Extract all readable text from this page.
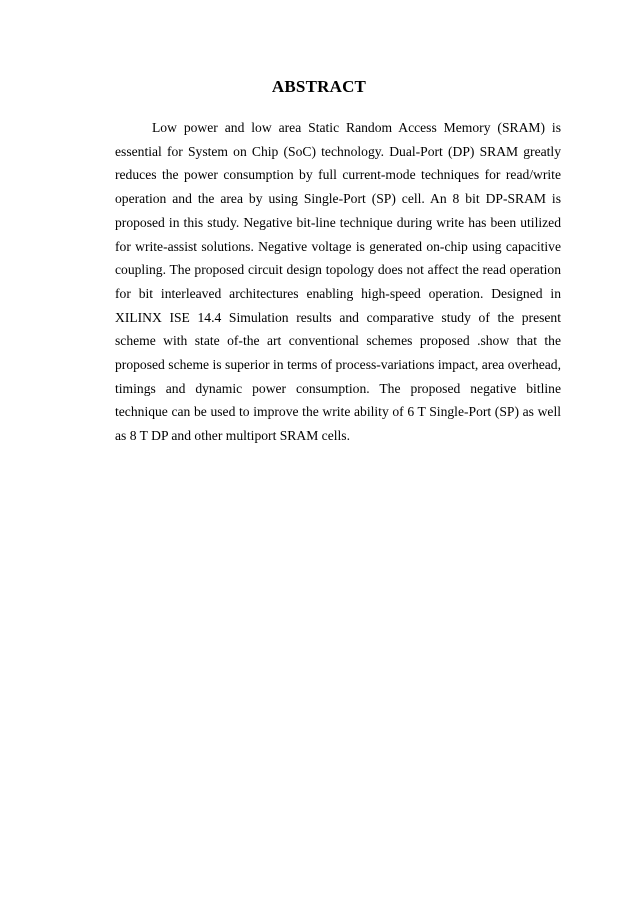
ABSTRACT

Low power and low area Static Random Access Memory (SRAM) is essential for System on Chip (SoC) technology. Dual-Port (DP) SRAM greatly reduces the power consumption by full current-mode techniques for read/write operation and the area by using Single-Port (SP) cell. An 8 bit DP-SRAM is proposed in this study. Negative bit-line technique during write has been utilized for write-assist solutions. Negative voltage is generated on-chip using capacitive coupling. The proposed circuit design topology does not affect the read operation for bit interleaved architectures enabling high-speed operation. Designed in XILINX ISE 14.4 Simulation results and comparative study of the present scheme with state of-the art conventional schemes proposed .show that the proposed scheme is superior in terms of process-variations impact, area overhead, timings and dynamic power consumption. The proposed negative bitline technique can be used to improve the write ability of 6 T Single-Port (SP) as well as 8 T DP and other multiport SRAM cells.
